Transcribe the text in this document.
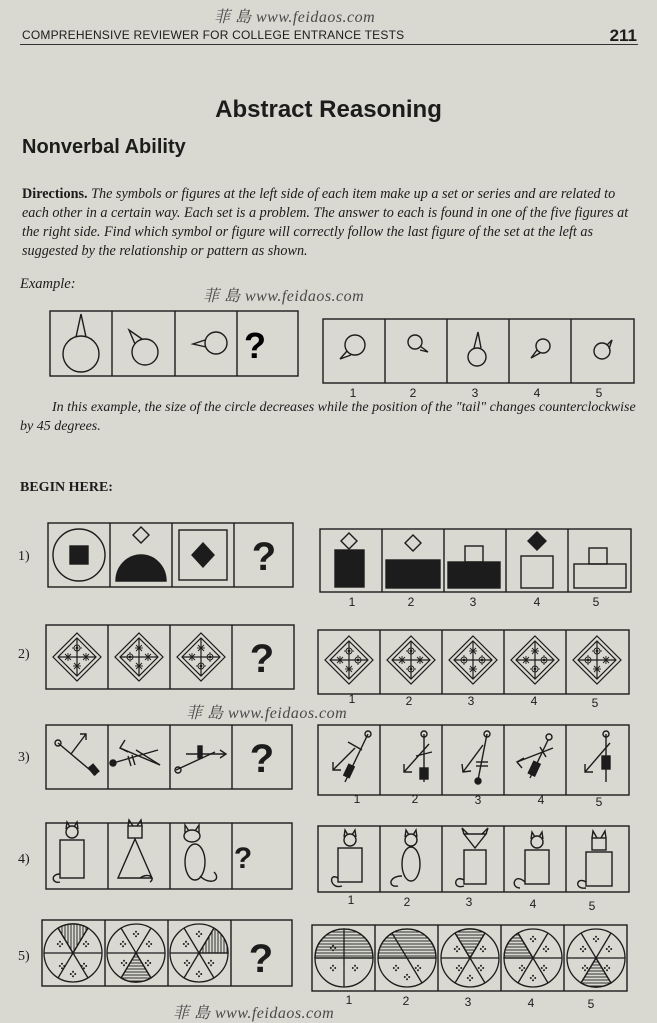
菲 島 www.feidaos.com
COMPREHENSIVE REVIEWER FOR COLLEGE ENTRANCE TESTS	211
Abstract Reasoning
Nonverbal Ability
Directions. The symbols or figures at the left side of each item make up a set or series and are related to each other in a certain way. Each set is a problem. The answer to each is found in one of the five figures at the right side. Find which symbol or figure will correctly follow the last figure of the set at the left as suggested by the relationship or pattern as shown.
Example:
菲 島 www.feidaos.com
?
1	2	3	4	5
In this example, the size of the circle decreases while the position of the "tail" changes counterclockwise by 45 degrees.
BEGIN HERE:
1)
2)
3)
4)
5)
?
?
?
?
?
1	2	3	4	5
1	2	3	4	5
1	2	3	4	5
1	2	3	4	5
1	2	3	4	5
菲 島 www.feidaos.com
菲 島 www.feidaos.com
